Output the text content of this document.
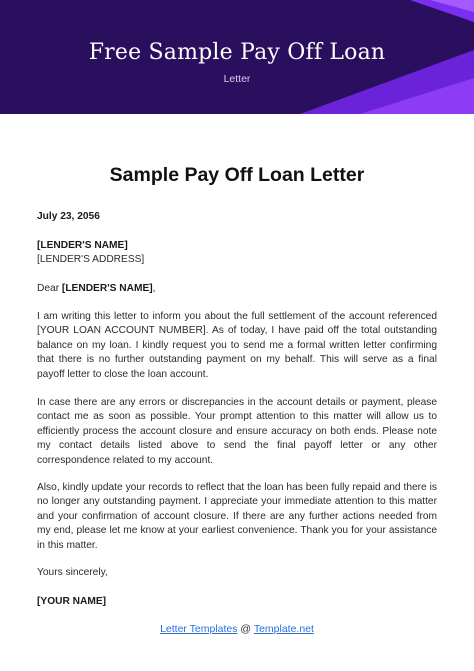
Free Sample Pay Off Loan
Letter
Sample Pay Off Loan Letter
July 23, 2056
[LENDER'S NAME]
[LENDER'S ADDRESS]
Dear [LENDER'S NAME],
I am writing this letter to inform you about the full settlement of the account referenced [YOUR LOAN ACCOUNT NUMBER]. As of today, I have paid off the total outstanding balance on my loan. I kindly request you to send me a formal written letter confirming that there is no further outstanding payment on my behalf. This will serve as a final payoff letter to close the loan account.
In case there are any errors or discrepancies in the account details or payment, please contact me as soon as possible. Your prompt attention to this matter will allow us to efficiently process the account closure and ensure accuracy on both ends. Please note my contact details listed above to send the final payoff letter or any other correspondence related to my account.
Also, kindly update your records to reflect that the loan has been fully repaid and there is no longer any outstanding payment. I appreciate your immediate attention to this matter and your confirmation of account closure. If there are any further actions needed from my end, please let me know at your earliest convenience. Thank you for your assistance in this matter.
Yours sincerely,
[YOUR NAME]
Letter Templates @ Template.net
